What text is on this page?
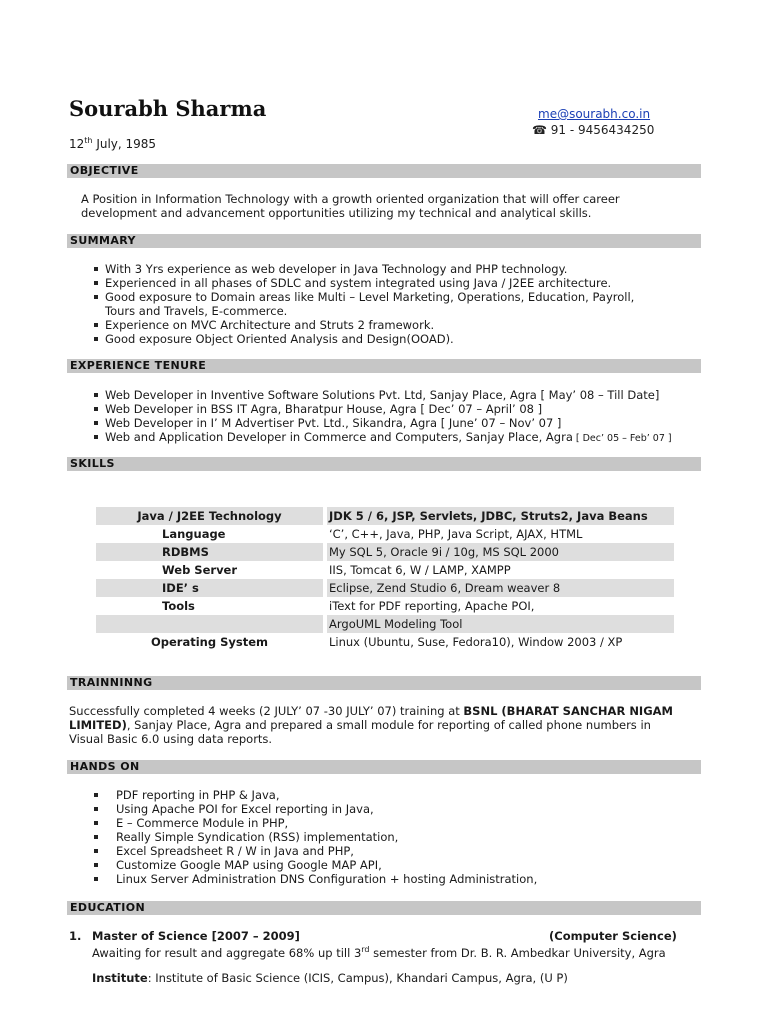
Sourabh Sharma	me@sourabh.co.in
☎ 91 - 9456434250
12th July, 1985
OBJECTIVE
A Position in Information Technology with a growth oriented organization that will offer career
development and advancement opportunities utilizing my technical and analytical skills.
SUMMARY
With 3 Yrs experience as web developer in Java Technology and PHP technology.
Experienced in all phases of SDLC and system integrated using Java / J2EE architecture.
Good exposure to Domain areas like Multi – Level Marketing, Operations, Education, Payroll,
Tours and Travels, E-commerce.
Experience on MVC Architecture and Struts 2 framework.
Good exposure Object Oriented Analysis and Design(OOAD).
EXPERIENCE TENURE
Web Developer in Inventive Software Solutions Pvt. Ltd, Sanjay Place, Agra [ May’ 08 – Till Date]
Web Developer in BSS IT Agra, Bharatpur House, Agra [ Dec’ 07 – April’ 08 ]
Web Developer in I’ M Advertiser Pvt. Ltd., Sikandra, Agra [ June’ 07 – Nov’ 07 ]
Web and Application Developer in Commerce and Computers, Sanjay Place, Agra [ Dec’ 05 – Feb’ 07 ]
SKILLS
Java / J2EE Technology		JDK 5 / 6, JSP, Servlets, JDBC, Struts2, Java Beans
Language		‘C’, C++, Java, PHP, Java Script, AJAX, HTML
RDBMS		My SQL 5, Oracle 9i / 10g, MS SQL 2000
Web Server		IIS, Tomcat 6, W / LAMP, XAMPP
IDE’ s		Eclipse, Zend Studio 6, Dream weaver 8
Tools		iText for PDF reporting, Apache POI,
		ArgoUML Modeling Tool
Operating System		Linux (Ubuntu, Suse, Fedora10), Window 2003 / XP
TRAINNINNG
Successfully completed 4 weeks (2 JULY’ 07 -30 JULY’ 07) training at BSNL (BHARAT SANCHAR NIGAM
LIMITED), Sanjay Place, Agra and prepared a small module for reporting of called phone numbers in
Visual Basic 6.0 using data reports.
HANDS ON
PDF reporting in PHP & Java,
Using Apache POI for Excel reporting in Java,
E – Commerce Module in PHP,
Really Simple Syndication (RSS) implementation,
Excel Spreadsheet R / W in Java and PHP,
Customize Google MAP using Google MAP API,
Linux Server Administration DNS Configuration + hosting Administration,
EDUCATION
1. Master of Science [2007 – 2009]	(Computer Science)
Awaiting for result and aggregate 68% up till 3rd semester from Dr. B. R. Ambedkar University, Agra
Institute: Institute of Basic Science (ICIS, Campus), Khandari Campus, Agra, (U P)
